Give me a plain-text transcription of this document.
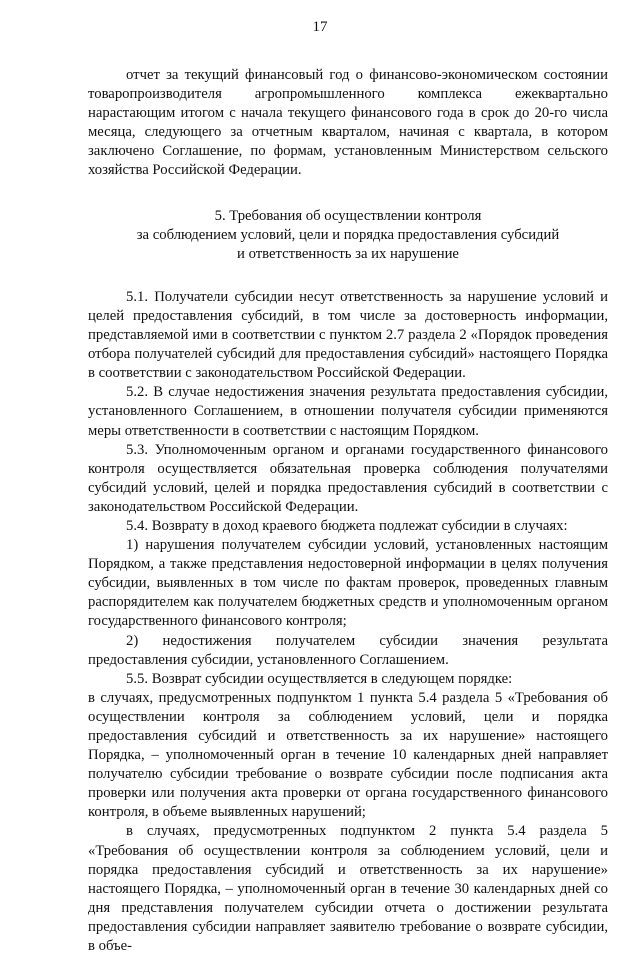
17

отчет за текущий финансовый год о финансово-экономическом состоянии товаропроизводителя агропромышленного комплекса ежеквартально нарастающим итогом с начала текущего финансового года в срок до 20-го числа месяца, следующего за отчетным кварталом, начиная с квартала, в котором заключено Соглашение, по формам, установленным Министерством сельского хозяйства Российской Федерации.

5. Требования об осуществлении контроля
за соблюдением условий, цели и порядка предоставления субсидий
и ответственность за их нарушение

5.1. Получатели субсидии несут ответственность за нарушение условий и целей предоставления субсидий, в том числе за достоверность информации, представляемой ими в соответствии с пунктом 2.7 раздела 2 «Порядок проведения отбора получателей субсидий для предоставления субсидий» настоящего Порядка в соответствии с законодательством Российской Федерации.

5.2. В случае недостижения значения результата предоставления субсидии, установленного Соглашением, в отношении получателя субсидии применяются меры ответственности в соответствии с настоящим Порядком.

5.3. Уполномоченным органом и органами государственного финансового контроля осуществляется обязательная проверка соблюдения получателями субсидий условий, целей и порядка предоставления субсидий в соответствии с законодательством Российской Федерации.

5.4. Возврату в доход краевого бюджета подлежат субсидии в случаях:

1) нарушения получателем субсидии условий, установленных настоящим Порядком, а также представления недостоверной информации в целях получения субсидии, выявленных в том числе по фактам проверок, проведенных главным распорядителем как получателем бюджетных средств и уполномоченным органом государственного финансового контроля;

2) недостижения получателем субсидии значения результата предоставления субсидии, установленного Соглашением.

5.5. Возврат субсидии осуществляется в следующем порядке:

в случаях, предусмотренных подпунктом 1 пункта 5.4 раздела 5 «Требования об осуществлении контроля за соблюдением условий, цели и порядка предоставления субсидий и ответственность за их нарушение» настоящего Порядка, – уполномоченный орган в течение 10 календарных дней направляет получателю субсидии требование о возврате субсидии после подписания акта проверки или получения акта проверки от органа государственного финансового контроля, в объеме выявленных нарушений;

в случаях, предусмотренных подпунктом 2 пункта 5.4 раздела 5 «Требования об осуществлении контроля за соблюдением условий, цели и порядка предоставления субсидий и ответственность за их нарушение» настоящего Порядка, – уполномоченный орган в течение 30 календарных дней со дня представления получателем субсидии отчета о достижении результата предоставления субсидии направляет заявителю требование о возврате субсидии, в объе-
